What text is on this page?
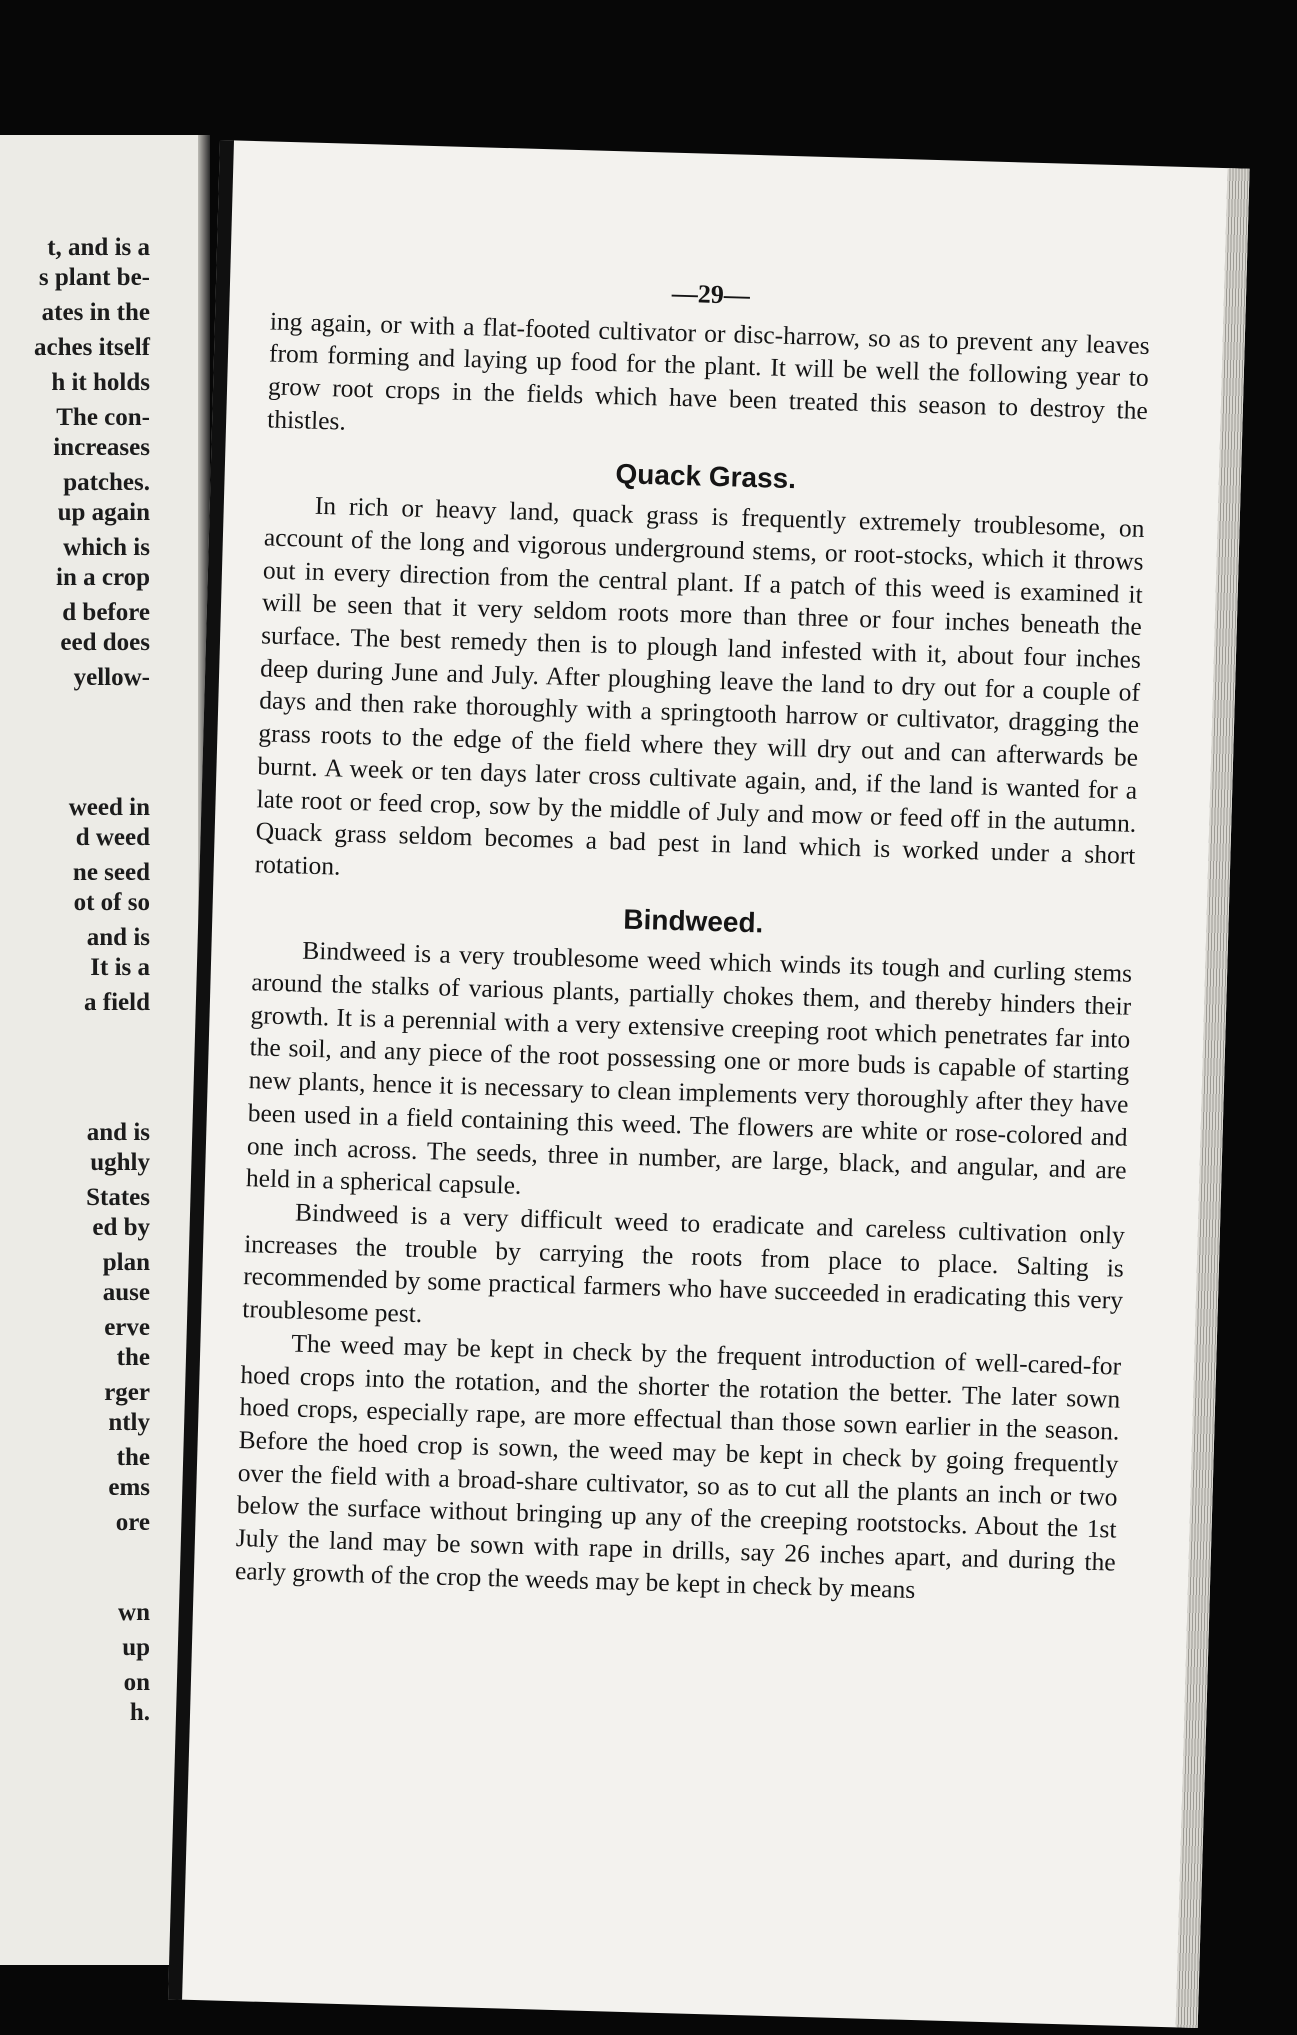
t, and is a
s plant be-
ates in the
aches itself
h it holds
The con-
increases
patches.
up again
which is
in a crop
d before
eed does
yellow-
weed in
d weed
ne seed
ot of so
and is
It is a
a field
and is
ughly
States
ed by
plan
ause
erve
the
rger
ntly
the
ems
ore
wn
up
on
h.
—29—

ing again, or with a flat-footed cultivator or disc-harrow, so as to prevent any leaves from forming and laying up food for the plant. It will be well the following year to grow root crops in the fields which have been treated this season to destroy the thistles.

Quack Grass.

In rich or heavy land, quack grass is frequently extremely troublesome, on account of the long and vigorous underground stems, or root-stocks, which it throws out in every direction from the central plant. If a patch of this weed is examined it will be seen that it very seldom roots more than three or four inches beneath the surface. The best remedy then is to plough land infested with it, about four inches deep during June and July. After ploughing leave the land to dry out for a couple of days and then rake thoroughly with a springtooth harrow or cultivator, dragging the grass roots to the edge of the field where they will dry out and can afterwards be burnt. A week or ten days later cross cultivate again, and, if the land is wanted for a late root or feed crop, sow by the middle of July and mow or feed off in the autumn. Quack grass seldom becomes a bad pest in land which is worked under a short rotation.

Bindweed.

Bindweed is a very troublesome weed which winds its tough and curling stems around the stalks of various plants, partially chokes them, and thereby hinders their growth. It is a perennial with a very extensive creeping root which penetrates far into the soil, and any piece of the root possessing one or more buds is capable of starting new plants, hence it is necessary to clean implements very thoroughly after they have been used in a field containing this weed. The flowers are white or rose-colored and one inch across. The seeds, three in number, are large, black, and angular, and are held in a spherical capsule.

Bindweed is a very difficult weed to eradicate and careless cultivation only increases the trouble by carrying the roots from place to place. Salting is recommended by some practical farmers who have succeeded in eradicating this very troublesome pest.

The weed may be kept in check by the frequent introduction of well-cared-for hoed crops into the rotation, and the shorter the rotation the better. The later sown hoed crops, especially rape, are more effectual than those sown earlier in the season. Before the hoed crop is sown, the weed may be kept in check by going frequently over the field with a broad-share cultivator, so as to cut all the plants an inch or two below the surface without bringing up any of the creeping rootstocks. About the 1st July the land may be sown with rape in drills, say 26 inches apart, and during the early growth of the crop the weeds may be kept in check by means
